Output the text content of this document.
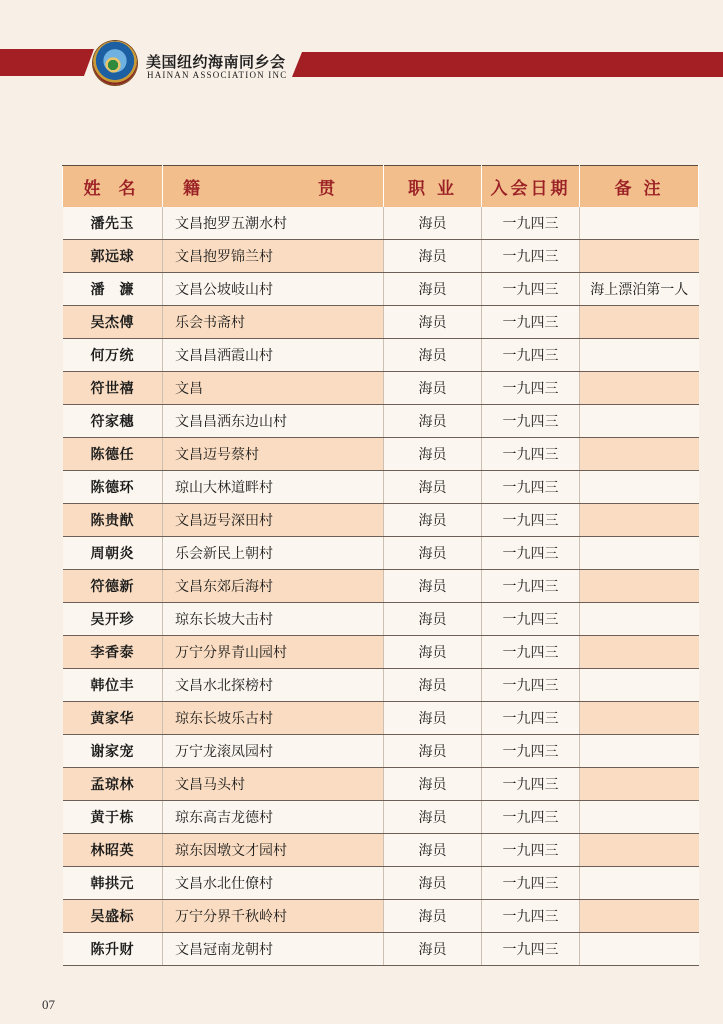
美国纽约海南同乡会
HAINAN ASSOCIATION INC
姓 名	籍　　贯	职 业	入会日期	备 注
潘先玉	文昌抱罗五潮水村	海员	一九四三	
郭远球	文昌抱罗锦兰村	海员	一九四三	
潘　濂	文昌公坡岐山村	海员	一九四三	海上漂泊第一人
吴杰傅	乐会书斋村	海员	一九四三	
何万统	文昌昌洒霞山村	海员	一九四三	
符世禧	文昌	海员	一九四三	
符家穗	文昌昌洒东边山村	海员	一九四三	
陈德任	文昌迈号蔡村	海员	一九四三	
陈德环	琼山大林道畔村	海员	一九四三	
陈贵猷	文昌迈号深田村	海员	一九四三	
周朝炎	乐会新民上朝村	海员	一九四三	
符德新	文昌东郊后海村	海员	一九四三	
吴开珍	琼东长坡大击村	海员	一九四三	
李香泰	万宁分界青山园村	海员	一九四三	
韩位丰	文昌水北探榜村	海员	一九四三	
黄家华	琼东长坡乐古村	海员	一九四三	
谢家宠	万宁龙滚凤园村	海员	一九四三	
孟琼林	文昌马头村	海员	一九四三	
黄于栋	琼东高吉龙德村	海员	一九四三	
林昭英	琼东因墩文才园村	海员	一九四三	
韩拱元	文昌水北仕僚村	海员	一九四三	
吴盛标	万宁分界千秋岭村	海员	一九四三	
陈升财	文昌冠南龙朝村	海员	一九四三	
07
